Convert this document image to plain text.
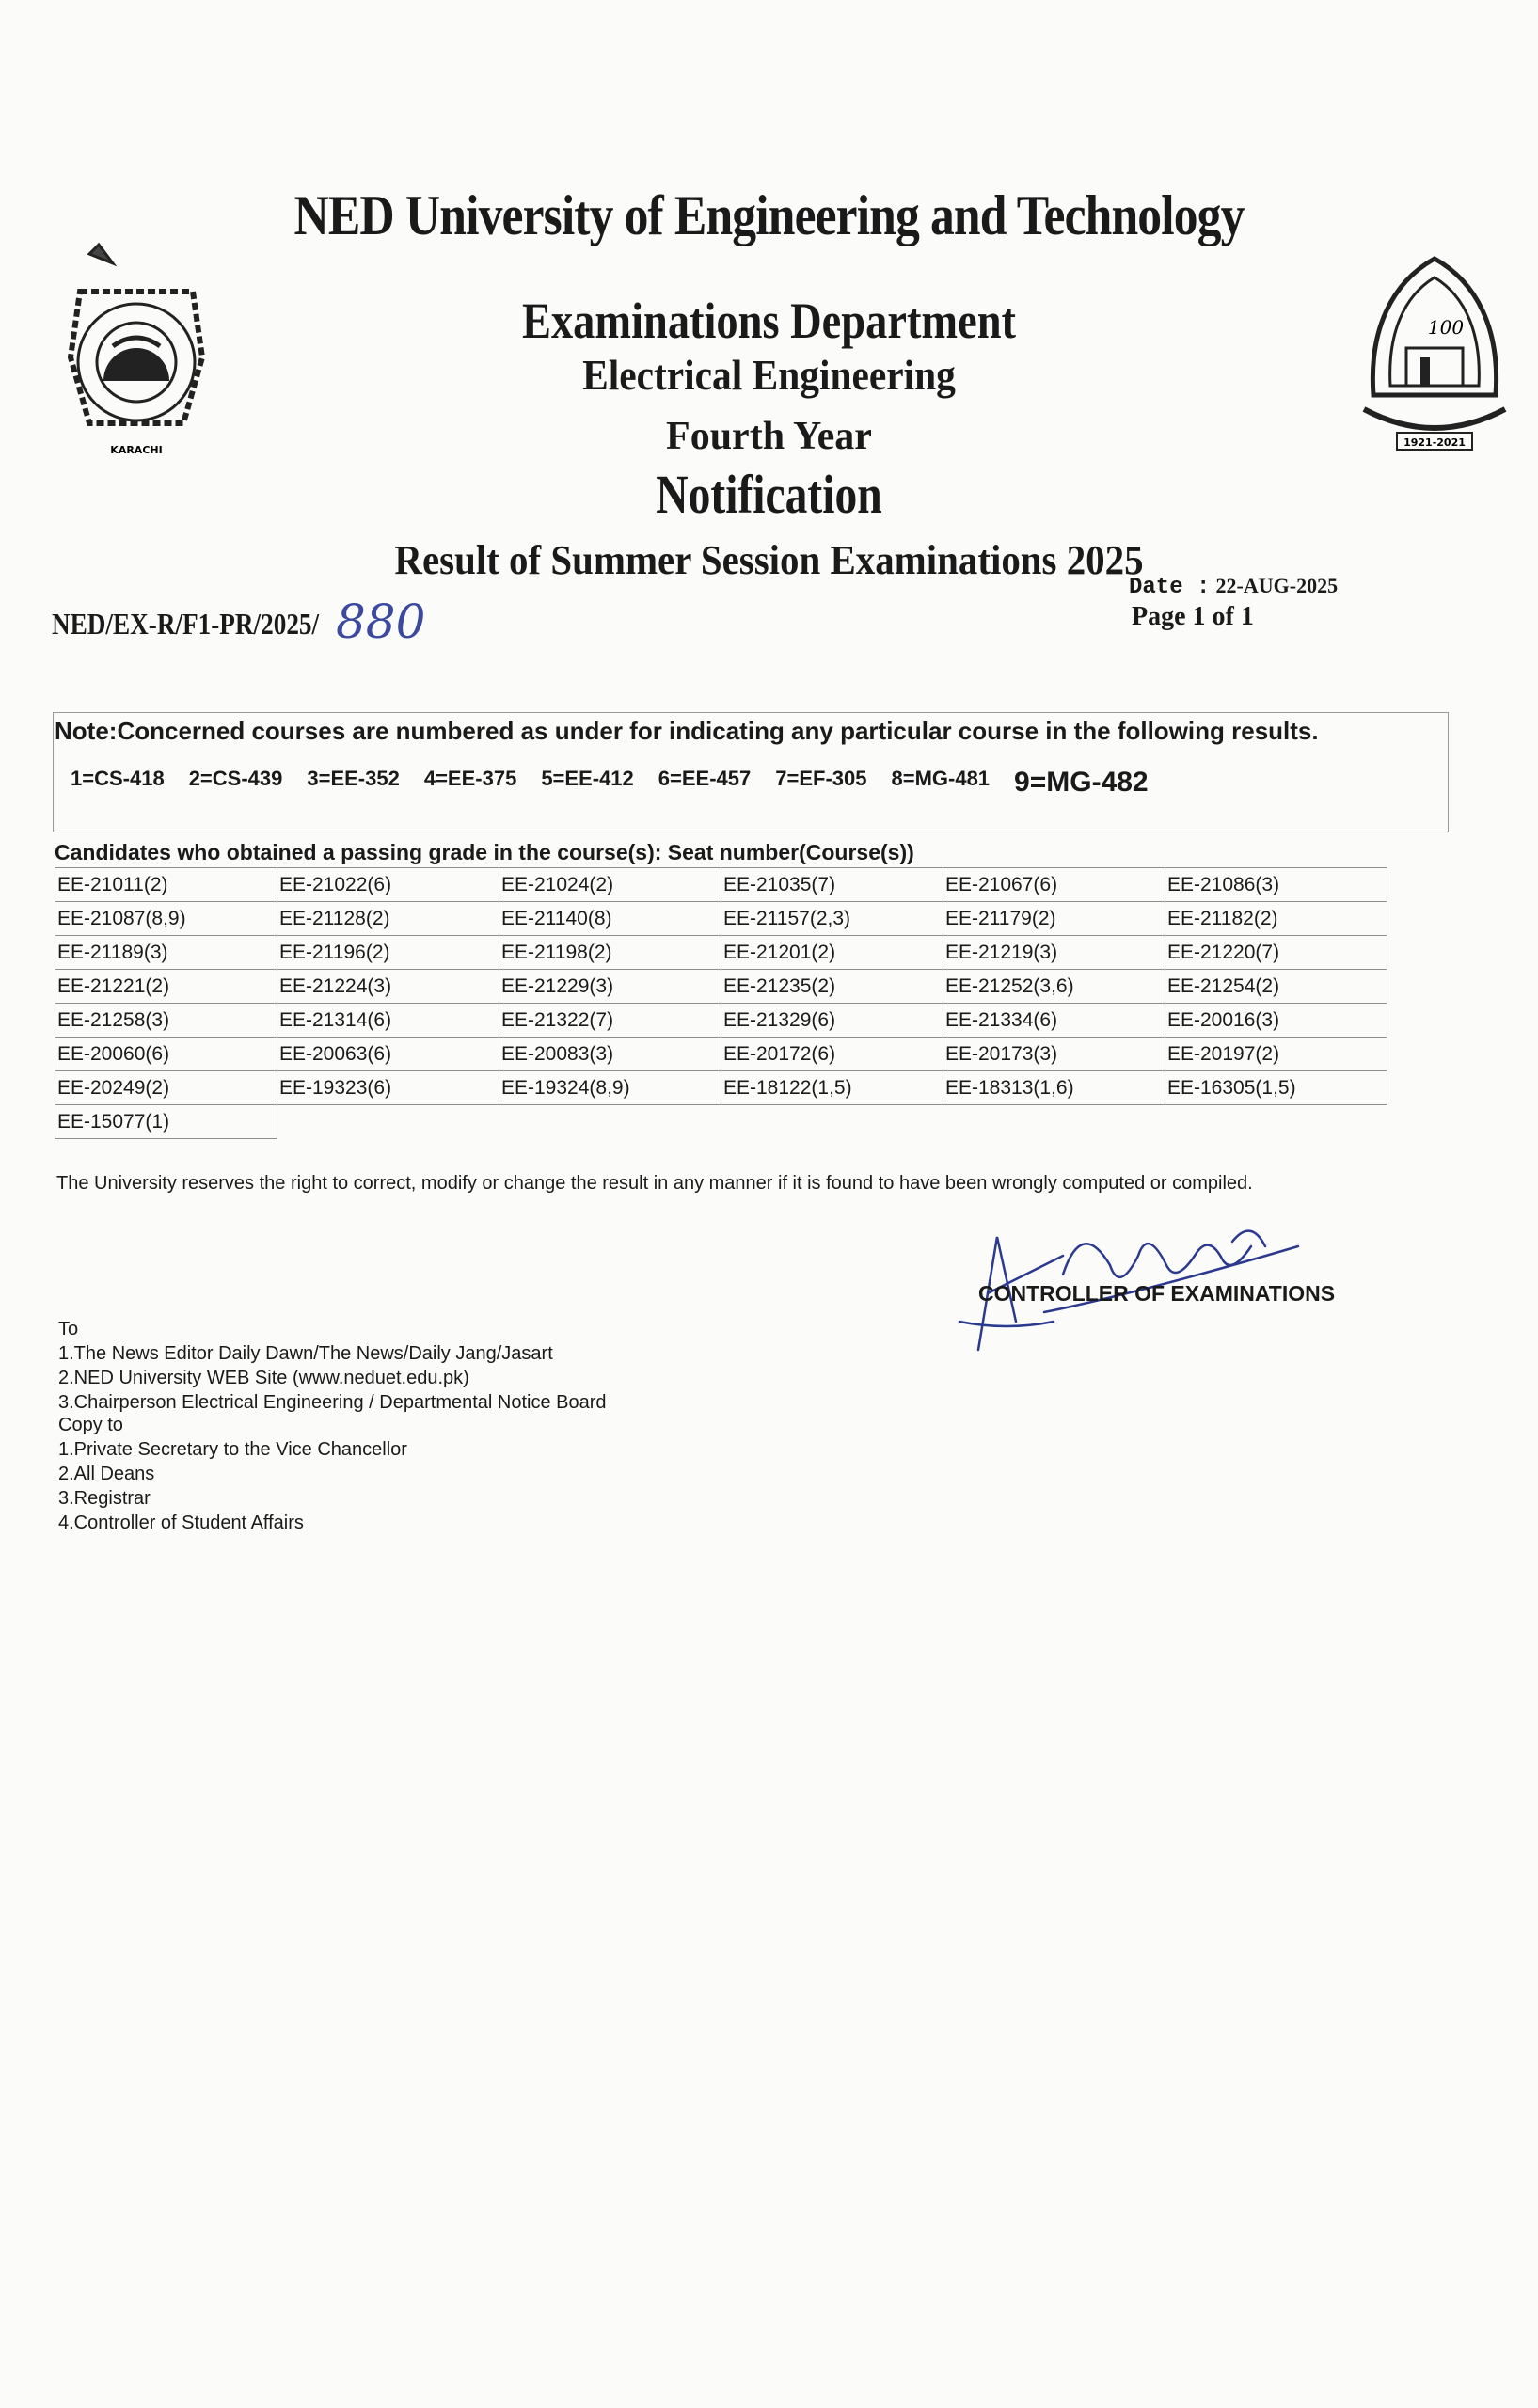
KARACHI
100
1921-2021
NED University of Engineering and Technology
Examinations Department
Electrical Engineering
Fourth Year
Notification
Result of Summer Session Examinations 2025
NED/EX-R/F1-PR/2025/ 880
Date : 22-AUG-2025
Page 1 of 1
Note:Concerned courses are numbered as under for indicating any particular course in the following results.
1=CS-418 2=CS-439 3=EE-352 4=EE-375 5=EE-412 6=EE-457 7=EF-305 8=MG-481 9=MG-482
Candidates who obtained a passing grade in the course(s): Seat number(Course(s))
EE-21011(2)	EE-21022(6)	EE-21024(2)	EE-21035(7)	EE-21067(6)	EE-21086(3)
EE-21087(8,9)	EE-21128(2)	EE-21140(8)	EE-21157(2,3)	EE-21179(2)	EE-21182(2)
EE-21189(3)	EE-21196(2)	EE-21198(2)	EE-21201(2)	EE-21219(3)	EE-21220(7)
EE-21221(2)	EE-21224(3)	EE-21229(3)	EE-21235(2)	EE-21252(3,6)	EE-21254(2)
EE-21258(3)	EE-21314(6)	EE-21322(7)	EE-21329(6)	EE-21334(6)	EE-20016(3)
EE-20060(6)	EE-20063(6)	EE-20083(3)	EE-20172(6)	EE-20173(3)	EE-20197(2)
EE-20249(2)	EE-19323(6)	EE-19324(8,9)	EE-18122(1,5)	EE-18313(1,6)	EE-16305(1,5)
EE-15077(1)					
The University reserves the right to correct, modify or change the result in any manner if it is found to have been wrongly computed or compiled.
Jigalkar
CONTROLLER OF EXAMINATIONS
To
1.The News Editor Daily Dawn/The News/Daily Jang/Jasart
2.NED University WEB Site (www.neduet.edu.pk)
3.Chairperson Electrical Engineering / Departmental Notice Board
Copy to
1.Private Secretary to the Vice Chancellor
2.All Deans
3.Registrar
4.Controller of Student Affairs
